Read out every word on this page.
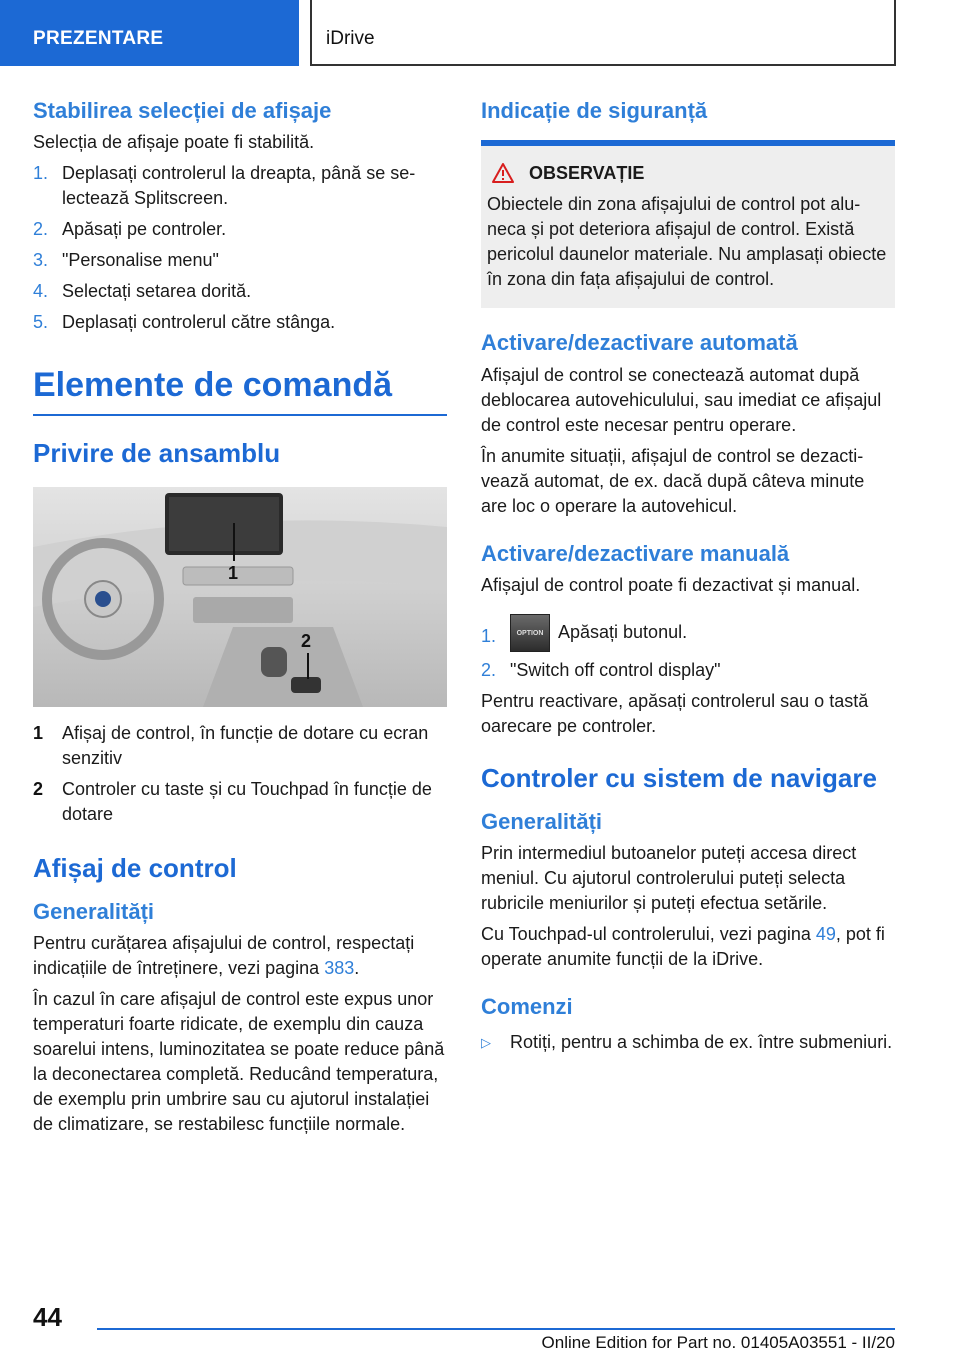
PREZENTARE	iDrive
Stabilirea selecției de afișaje

Selecția de afișaje poate fi stabilită.

1. Deplasați controlerul la dreapta, până se selectează Splitscreen.
2. Apăsați pe controler.
3. "Personalise menu"
4. Selectați setarea dorită.
5. Deplasați controlerul către stânga.
Elemente de comandă
Privire de ansamblu
1
2
1 Afișaj de control, în funcție de dotare cu ecran senzitiv
2 Controler cu taste și cu Touchpad în funcție de dotare
Afișaj de control
Generalități

Pentru curățarea afișajului de control, respectați indicațiile de întreținere, vezi pagina 383.

În cazul în care afișajul de control este expus unor temperaturi foarte ridicate, de exemplu din cauza soarelui intens, luminozitatea se poate reduce până la deconectarea completă. Reducând temperatura, de exemplu prin umbrire sau cu ajutorul instalației de climatizare, se restabilesc funcțiile normale.

Indicație de siguranță
OBSERVAȚIE

Obiectele din zona afișajului de control pot aluneca și pot deteriora afișajul de control. Există pericolul daunelor materiale. Nu amplasați obiecte în zona din fața afișajului de control.

Activare/dezactivare automată

Afișajul de control se conectează automat după deblocarea autovehiculului, sau imediat ce afișajul de control este necesar pentru operare.

În anumite situații, afișajul de control se dezactivează automat, de ex. dacă după câteva minute are loc o operare la autovehicul.

Activare/dezactivare manuală

Afișajul de control poate fi dezactivat și manual.

1.	OPTION Apăsați butonul.
2. "Switch off control display"

Pentru reactivare, apăsați controlerul sau o tastă oarecare pe controler.

Controler cu sistem de navigare
Generalități

Prin intermediul butoanelor puteți accesa direct meniul. Cu ajutorul controlerului puteți selecta rubricile meniurilor și puteți efectua setările.

Cu Touchpad-ul controlerului, vezi pagina 49, pot fi operate anumite funcții de la iDrive.

Comenzi
▷ Rotiți, pentru a schimba de ex. între submeniuri.
44
Online Edition for Part no. 01405A03551 - II/20
